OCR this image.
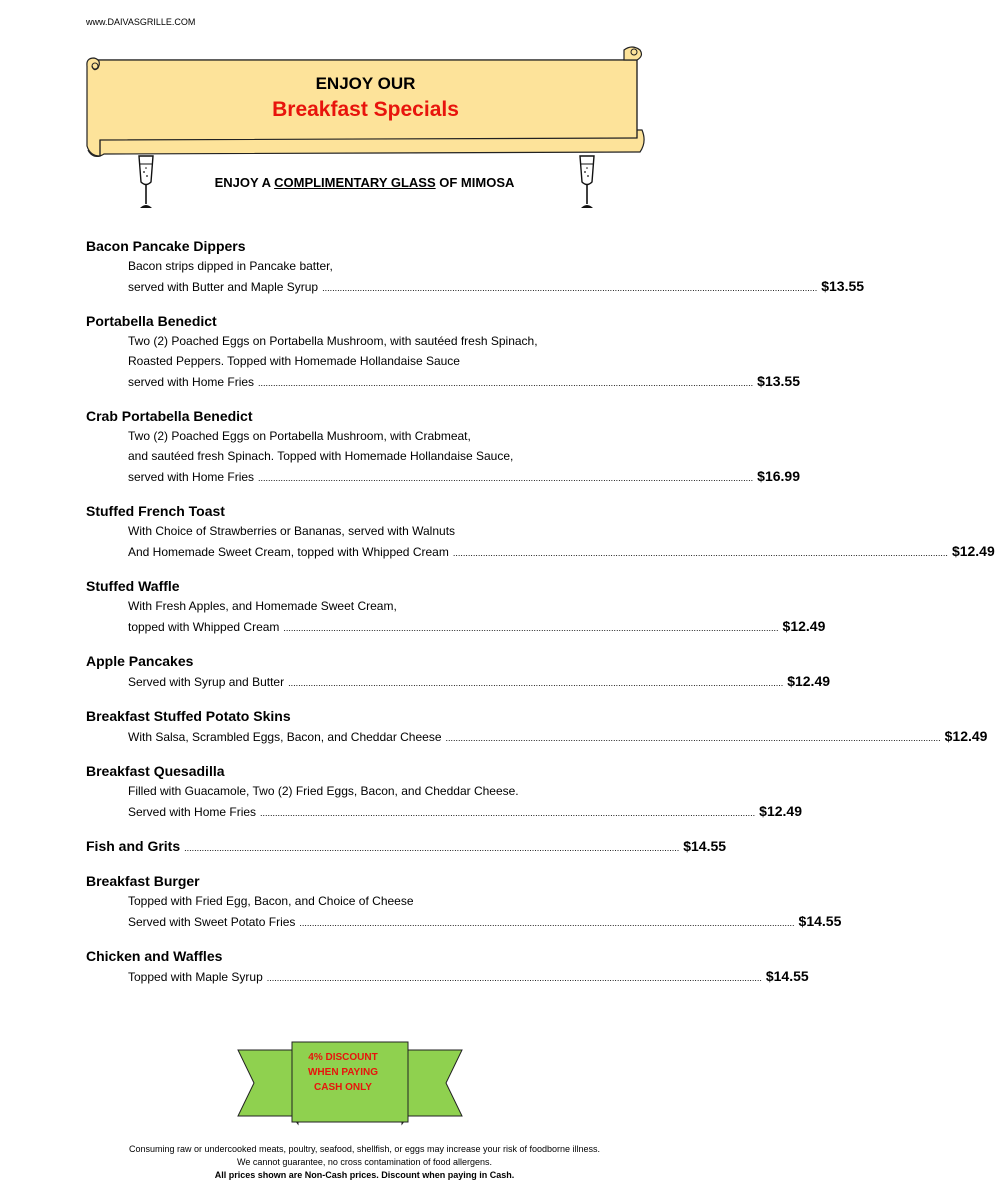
www.DAIVASGRILLE.COM
ENJOY OUR
Breakfast Specials
ENJOY A COMPLIMENTARY GLASS OF MIMOSA
Bacon Pancake Dippers
Bacon strips dipped in Pancake batter,
served with Butter and Maple Syrup ...................................................................................................................................................................................................... $13.55
Portabella Benedict
Two (2) Poached Eggs on Portabella Mushroom, with sautéed fresh Spinach,
Roasted Peppers. Topped with Homemade Hollandaise Sauce
served with Home Fries ...................................................................................................................................................................................................... $13.55
Crab Portabella Benedict
Two (2) Poached Eggs on Portabella Mushroom, with Crabmeat,
and sautéed fresh Spinach. Topped with Homemade Hollandaise Sauce,
served with Home Fries ...................................................................................................................................................................................................... $16.99
Stuffed French Toast
With Choice of Strawberries or Bananas, served with Walnuts
And Homemade Sweet Cream, topped with Whipped Cream ...................................................................................................................................................................................................... $12.49
Stuffed Waffle
With Fresh Apples, and Homemade Sweet Cream,
topped with Whipped Cream ...................................................................................................................................................................................................... $12.49
Apple Pancakes
Served with Syrup and Butter ...................................................................................................................................................................................................... $12.49
Breakfast Stuffed Potato Skins
With Salsa, Scrambled Eggs, Bacon, and Cheddar Cheese ...................................................................................................................................................................................................... $12.49
Breakfast Quesadilla
Filled with Guacamole, Two (2) Fried Eggs, Bacon, and Cheddar Cheese.
Served with Home Fries ...................................................................................................................................................................................................... $12.49
Fish and Grits ...................................................................................................................................................................................................... $14.55
Breakfast Burger
Topped with Fried Egg, Bacon, and Choice of Cheese
Served with Sweet Potato Fries ...................................................................................................................................................................................................... $14.55
Chicken and Waffles
Topped with Maple Syrup ...................................................................................................................................................................................................... $14.55
4% DISCOUNT
WHEN PAYING
CASH ONLY
Consuming raw or undercooked meats, poultry, seafood, shellfish, or eggs may increase your risk of foodborne illness.
We cannot guarantee, no cross contamination of food allergens.
All prices shown are Non-Cash prices. Discount when paying in Cash.
